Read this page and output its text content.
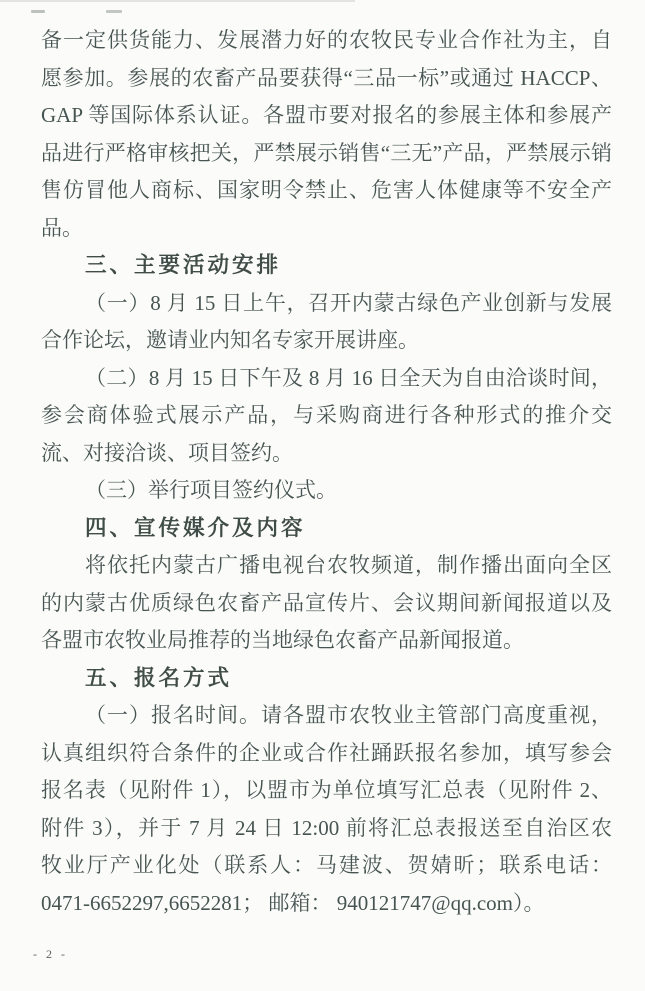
备一定供货能力、发展潜力好的农牧民专业合作社为主，自
愿参加。参展的农畜产品要获得“三品一标”或通过 HACCP、
GAP 等国际体系认证。各盟市要对报名的参展主体和参展产
品进行严格审核把关，严禁展示销售“三无”产品，严禁展示销
售仿冒他人商标、国家明令禁止、危害人体健康等不安全产
品。
三、主要活动安排
（一）8 月 15 日上午，召开内蒙古绿色产业创新与发展
合作论坛，邀请业内知名专家开展讲座。
（二）8 月 15 日下午及 8 月 16 日全天为自由洽谈时间，
参会商体验式展示产品，与采购商进行各种形式的推介交
流、对接洽谈、项目签约。
（三）举行项目签约仪式。
四、宣传媒介及内容
将依托内蒙古广播电视台农牧频道，制作播出面向全区
的内蒙古优质绿色农畜产品宣传片、会议期间新闻报道以及
各盟市农牧业局推荐的当地绿色农畜产品新闻报道。
五、报名方式
（一）报名时间。请各盟市农牧业主管部门高度重视，
认真组织符合条件的企业或合作社踊跃报名参加，填写参会
报名表（见附件 1），以盟市为单位填写汇总表（见附件 2、
附件 3），并于 7 月 24 日 12:00 前将汇总表报送至自治区农
牧业厅产业化处（联系人：马建波、贺婧昕；联系电话：
0471-6652297,6652281； 邮箱： 940121747@qq.com）。
- 2 -
